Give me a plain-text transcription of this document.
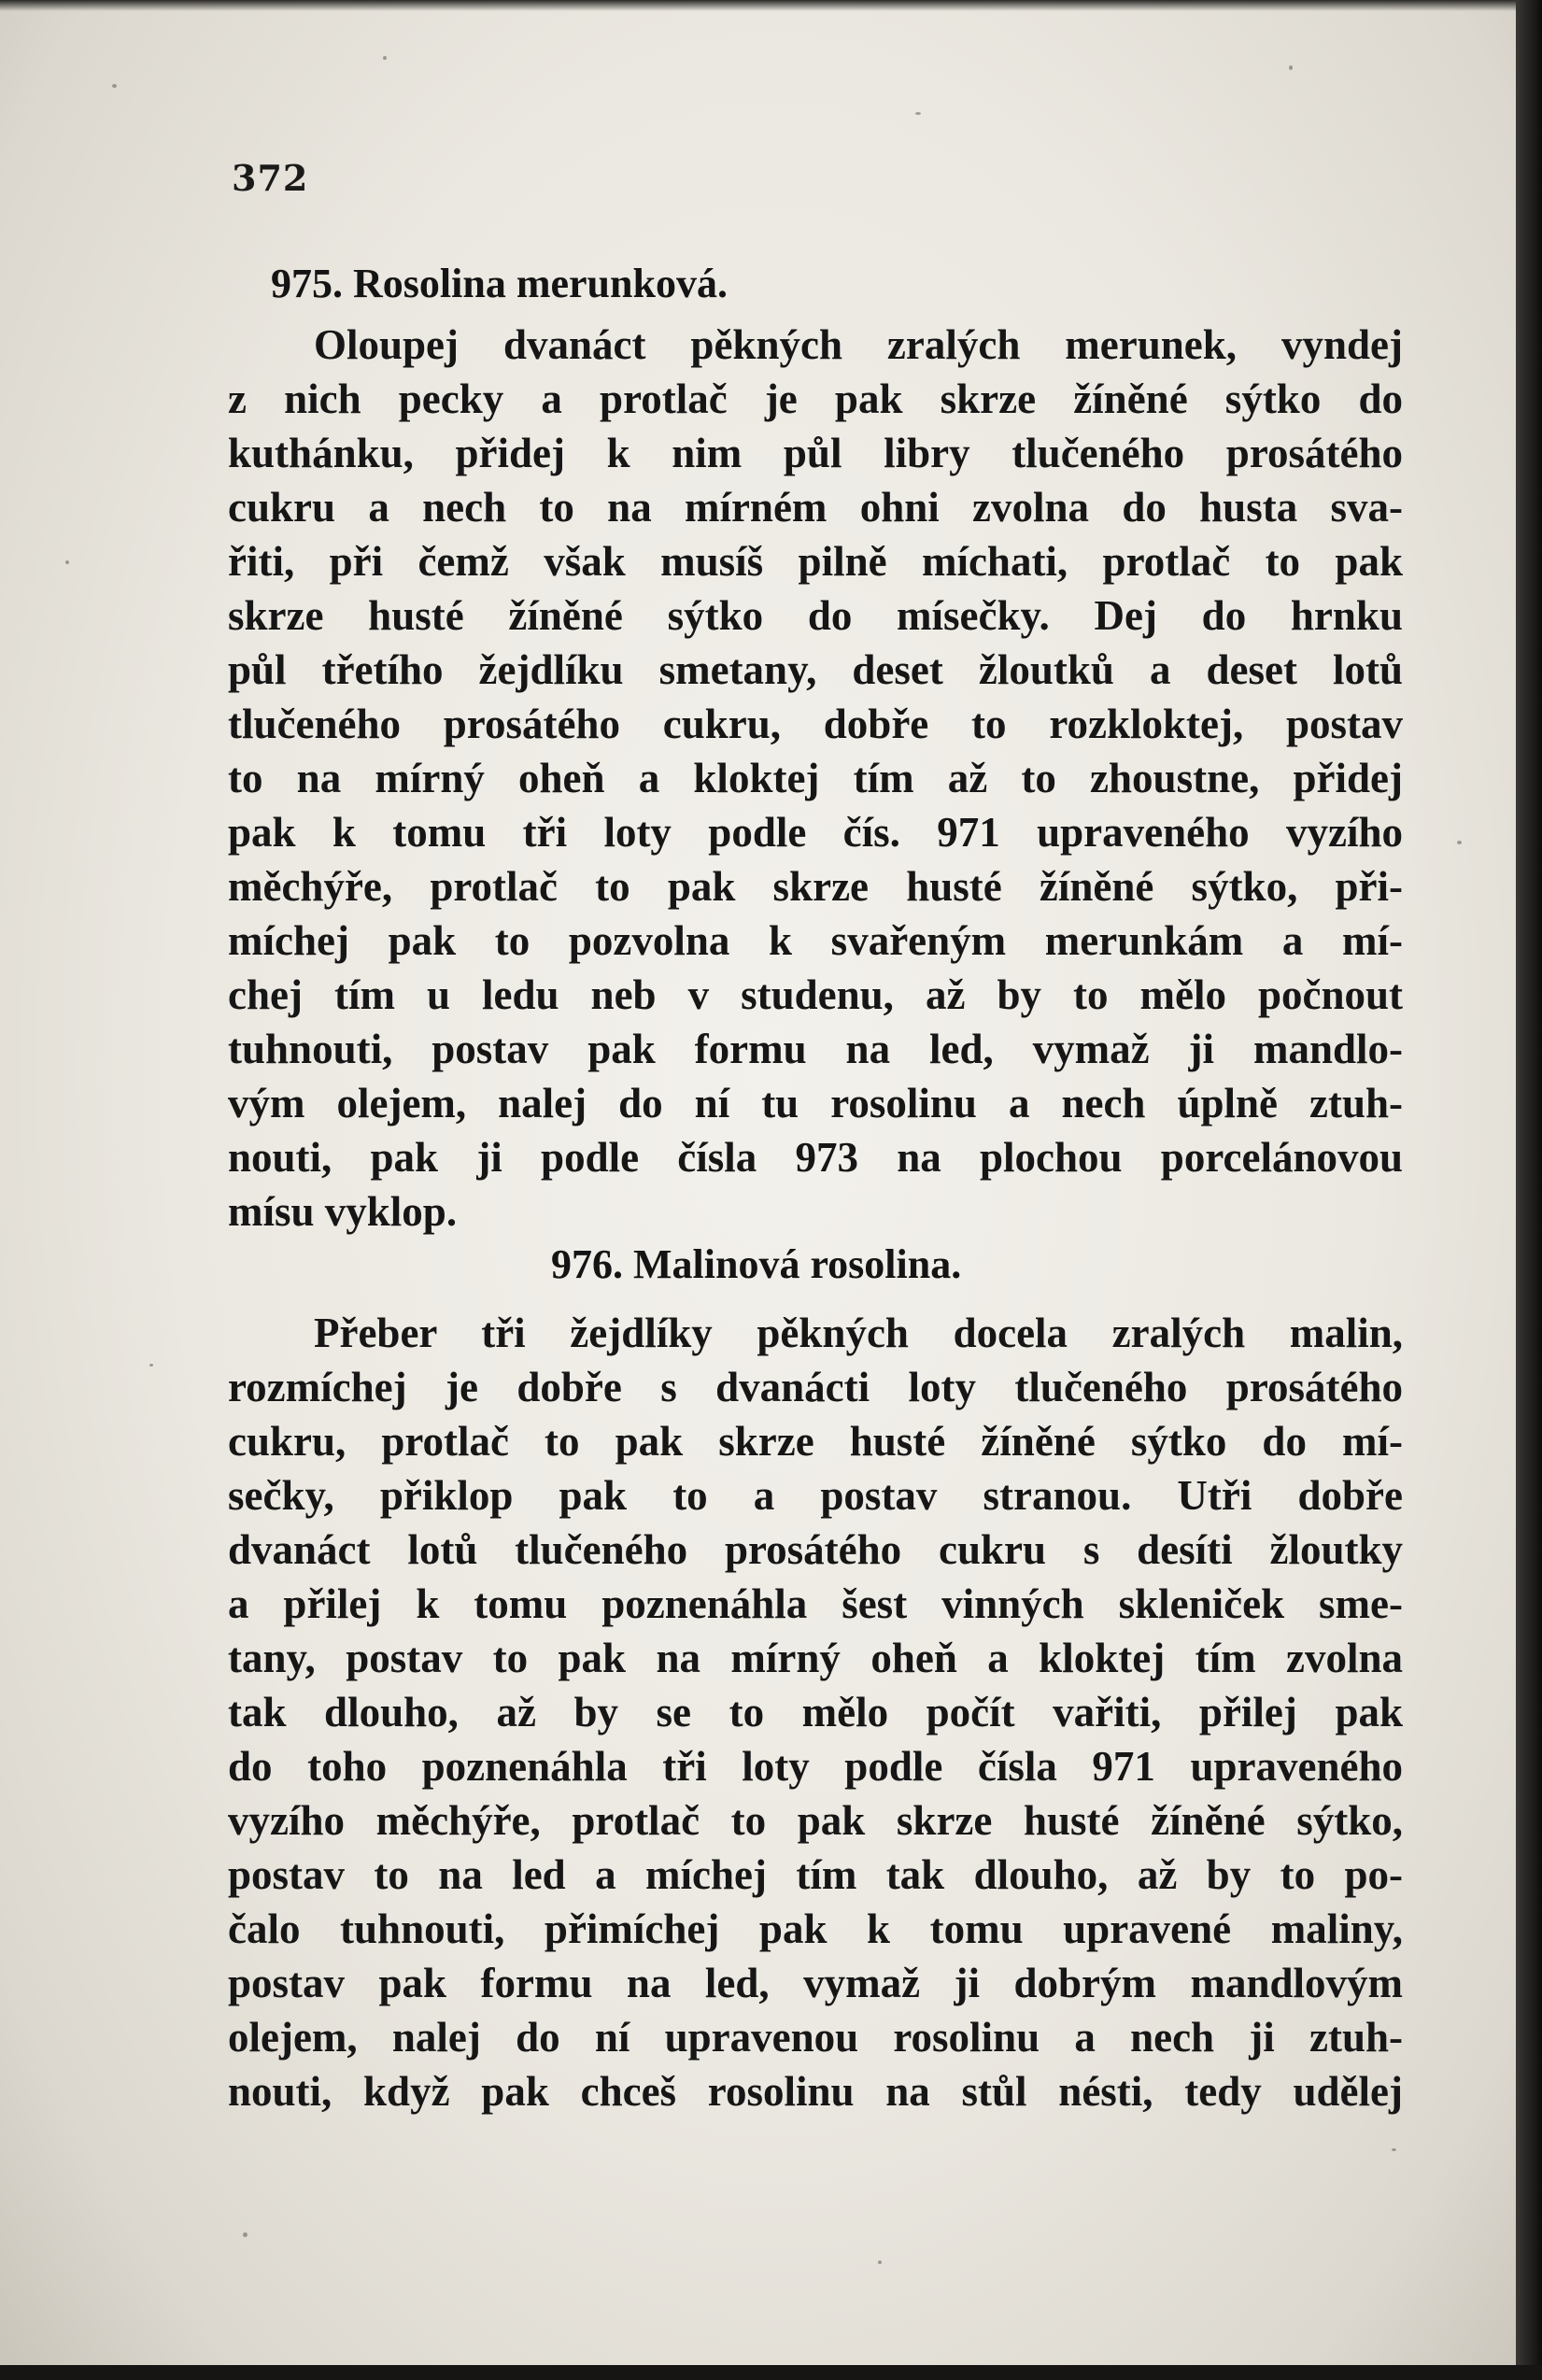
372
975. Rosolina merunková.
Oloupej dvanáct pěkných zralých merunek, vyndej
z nich pecky a protlač je pak skrze žíněné sýtko do
kuthánku, přidej k nim půl libry tlučeného prosátého
cukru a nech to na mírném ohni zvolna do husta sva-
řiti, při čemž však musíš pilně míchati, protlač to pak
skrze husté žíněné sýtko do mísečky. Dej do hrnku
půl třetího žejdlíku smetany, deset žloutků a deset lotů
tlučeného prosátého cukru, dobře to rozkloktej, postav
to na mírný oheň a kloktej tím až to zhoustne, přidej
pak k tomu tři loty podle čís. 971 upraveného vyzího
měchýře, protlač to pak skrze husté žíněné sýtko, při-
míchej pak to pozvolna k svařeným merunkám a mí-
chej tím u ledu neb v studenu, až by to mělo počnout
tuhnouti, postav pak formu na led, vymaž ji mandlo-
vým olejem, nalej do ní tu rosolinu a nech úplně ztuh-
nouti, pak ji podle čísla 973 na plochou porcelánovou
mísu vyklop.
976. Malinová rosolina.
Přeber tři žejdlíky pěkných docela zralých malin,
rozmíchej je dobře s dvanácti loty tlučeného prosátého
cukru, protlač to pak skrze husté žíněné sýtko do mí-
sečky, přiklop pak to a postav stranou. Utři dobře
dvanáct lotů tlučeného prosátého cukru s desíti žloutky
a přilej k tomu poznenáhla šest vinných skleniček sme-
tany, postav to pak na mírný oheň a kloktej tím zvolna
tak dlouho, až by se to mělo počít vařiti, přilej pak
do toho poznenáhla tři loty podle čísla 971 upraveného
vyzího měchýře, protlač to pak skrze husté žíněné sýtko,
postav to na led a míchej tím tak dlouho, až by to po-
čalo tuhnouti, přimíchej pak k tomu upravené maliny,
postav pak formu na led, vymaž ji dobrým mandlovým
olejem, nalej do ní upravenou rosolinu a nech ji ztuh-
nouti, když pak chceš rosolinu na stůl nésti, tedy udělej
